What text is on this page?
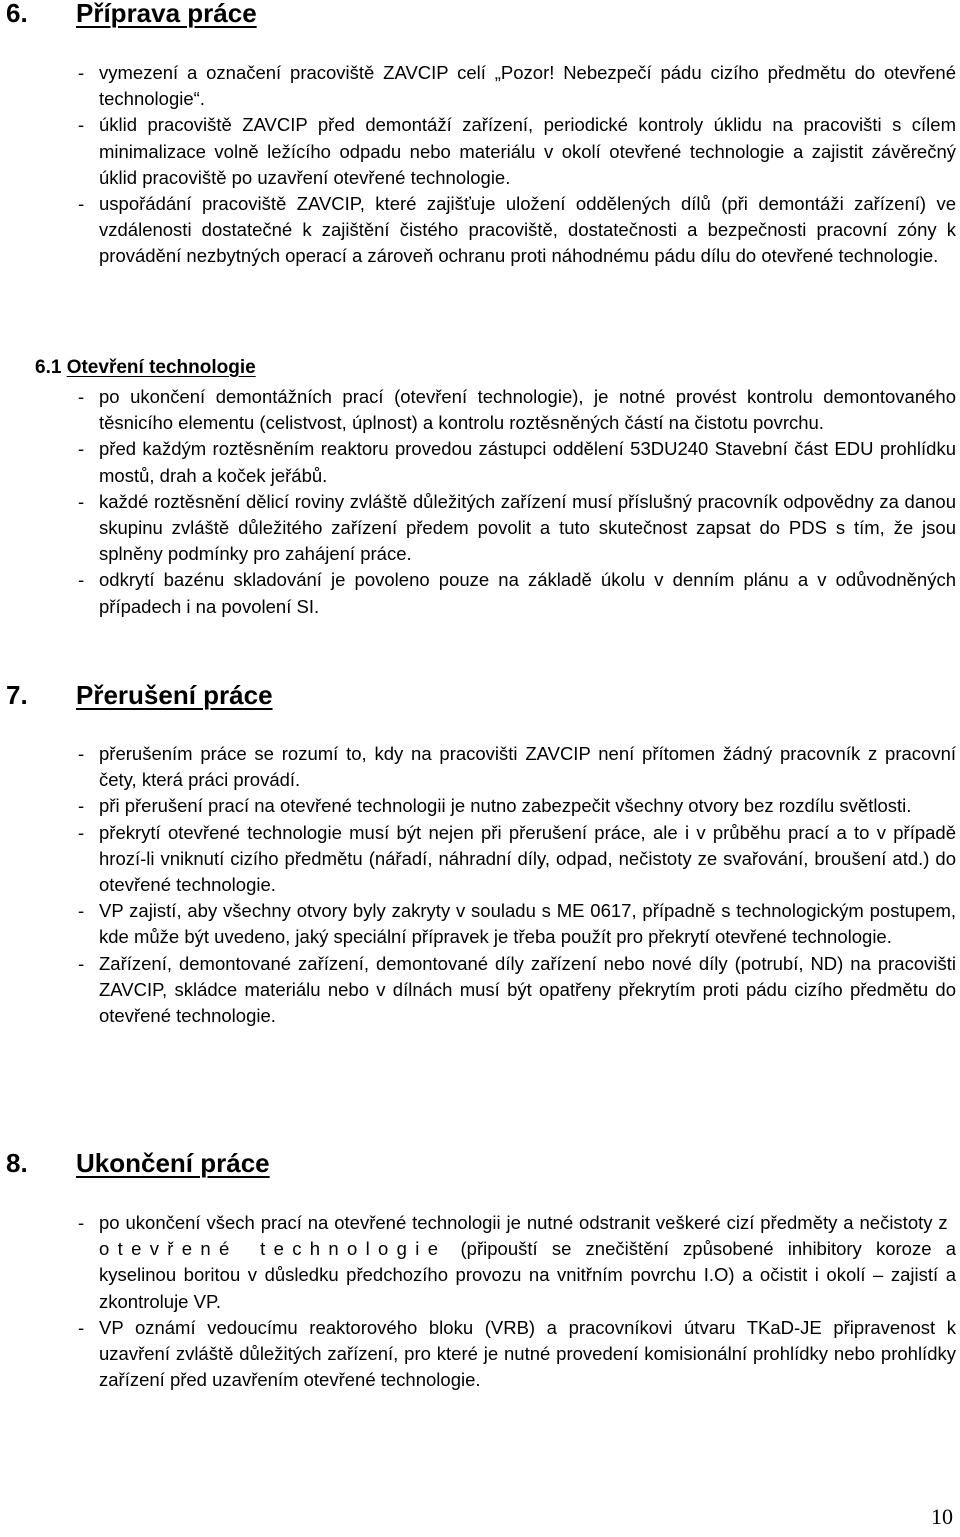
6. Příprava práce
- vymezení a označení pracoviště ZAVCIP celí „Pozor! Nebezpečí pádu cizího předmětu do otevřené technologie“.
- úklid pracoviště ZAVCIP před demontáží zařízení, periodické kontroly úklidu na pracovišti s cílem minimalizace volně ležícího odpadu nebo materiálu v okolí otevřené technologie a zajistit závěrečný úklid pracoviště po uzavření otevřené technologie.
- uspořádání pracoviště ZAVCIP, které zajišťuje uložení oddělených dílů (při demontáži zařízení) ve vzdálenosti dostatečné k zajištění čistého pracoviště, dostatečnosti a bezpečnosti pracovní zóny k provádění nezbytných operací a zároveň ochranu proti náhodnému pádu dílu do otevřené technologie.
6.1 Otevření technologie
- po ukončení demontážních prací (otevření technologie), je notné provést kontrolu demontovaného těsnicího elementu (celistvost, úplnost) a kontrolu roztěsněných částí na čistotu povrchu.
- před každým roztěsněním reaktoru provedou zástupci oddělení 53DU240 Stavební část EDU prohlídku mostů, drah a koček jeřábů.
- každé roztěsnění dělicí roviny zvláště důležitých zařízení musí příslušný pracovník odpovědny za danou skupinu zvláště důležitého zařízení předem povolit a tuto skutečnost zapsat do PDS s tím, že jsou splněny podmínky pro zahájení práce.
- odkrytí bazénu skladování je povoleno pouze na základě úkolu v denním plánu a v odůvodněných případech i na povolení SI.
7. Přerušení práce
- přerušením práce se rozumí to, kdy na pracovišti ZAVCIP není přítomen žádný pracovník z pracovní čety, která práci provádí.
- při přerušení prací na otevřené technologii je nutno zabezpečit všechny otvory bez rozdílu světlosti.
- překrytí otevřené technologie musí být nejen při přerušení práce, ale i v průběhu prací a to v případě hrozí-li vniknutí cizího předmětu (nářadí, náhradní díly, odpad, nečistoty ze svařování, broušení atd.) do otevřené technologie.
- VP zajistí, aby všechny otvory byly zakryty v souladu s ME 0617, případně s technologickým postupem, kde může být uvedeno, jaký speciální přípravek je třeba použít pro překrytí otevřené technologie.
- Zařízení, demontované zařízení, demontované díly zařízení nebo nové díly (potrubí, ND) na pracovišti ZAVCIP, skládce materiálu nebo v dílnách musí být opatřeny překrytím proti pádu cizího předmětu do otevřené technologie.
8. Ukončení práce
- po ukončení všech prací na otevřené technologii je nutné odstranit veškeré cizí předměty a nečistoty z otevřené technologie (připouští se znečištění způsobené inhibitory koroze a kyselinou boritou v důsledku předchozího provozu na vnitřním povrchu I.O) a očistit i okolí – zajistí a zkontroluje VP.
- VP oznámí vedoucímu reaktorového bloku (VRB) a pracovníkovi útvaru TKaD-JE připravenost k uzavření zvláště důležitých zařízení, pro které je nutné provedení komisionální prohlídky nebo prohlídky zařízení před uzavřením otevřené technologie.
10
